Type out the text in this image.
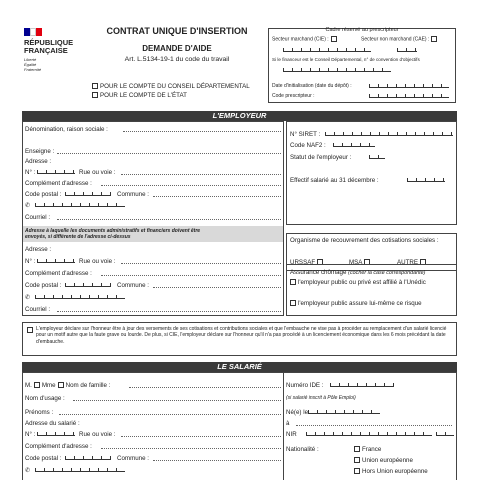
RÉPUBLIQUE
FRANÇAISE
Liberté
Égalité
Fraternité
CONTRAT UNIQUE D'INSERTION
DEMANDE D'AIDE
Art. L.5134-19-1 du code du travail
POUR LE COMPTE DU CONSEIL DÉPARTEMENTAL
POUR LE COMPTE DE L'ÉTAT
Cadre réservé au prescripteur
Secteur marchand (CIE) :	Secteur non marchand (CAE) :
Si le financeur est le Conseil Départemental, n° de convention d'objectifs
Date d'initialisation (date du dépôt) :
Code prescripteur :
L'EMPLOYEUR
Dénomination, raison sociale :
Enseigne :
Adresse :
N° :	Rue ou voie :
Complément d'adresse :
Code postal :	Commune :
✆
Courriel :
Adresse à laquelle les documents administratifs et financiers doivent être envoyés, si différente de l'adresse ci-dessus
Adresse :
N° :	Rue ou voie :
Complément d'adresse :
Code postal :	Commune :
✆
Courriel :
N° SIRET :
Code NAF2 :
Statut de l'employeur :
Effectif salarié au 31 décembre :
Organisme de recouvrement des cotisations sociales :
URSSAF	MSA	AUTRE
Assurance chômage (cocher la case correspondante)
l'employeur public ou privé est affilié à l'Unédic
l'employeur public assure lui-même ce risque
L'employeur déclare sur l'honneur être à jour des versements de ses cotisations et contributions sociales et que l'embauche ne vise pas à procéder au remplacement d'un salarié licencié pour un motif autre que la faute grave ou lourde. De plus, si CIE, l'employeur déclare sur l'honneur qu'il n'a pas procédé à un licenciement économique dans les 6 mois précédant la date d'embauche.
LE SALARIÉ
M. Mme Nom de famille :
Nom d'usage :
Prénoms :
Adresse du salarié :
N° :	Rue ou voie :
Complément d'adresse :
Code postal :	Commune :
✆
Numéro IDE :
(si salarié inscrit à Pôle Emploi)
Né(e) le
à
NIR
Nationalité :	France
Union européenne
Hors Union européenne
